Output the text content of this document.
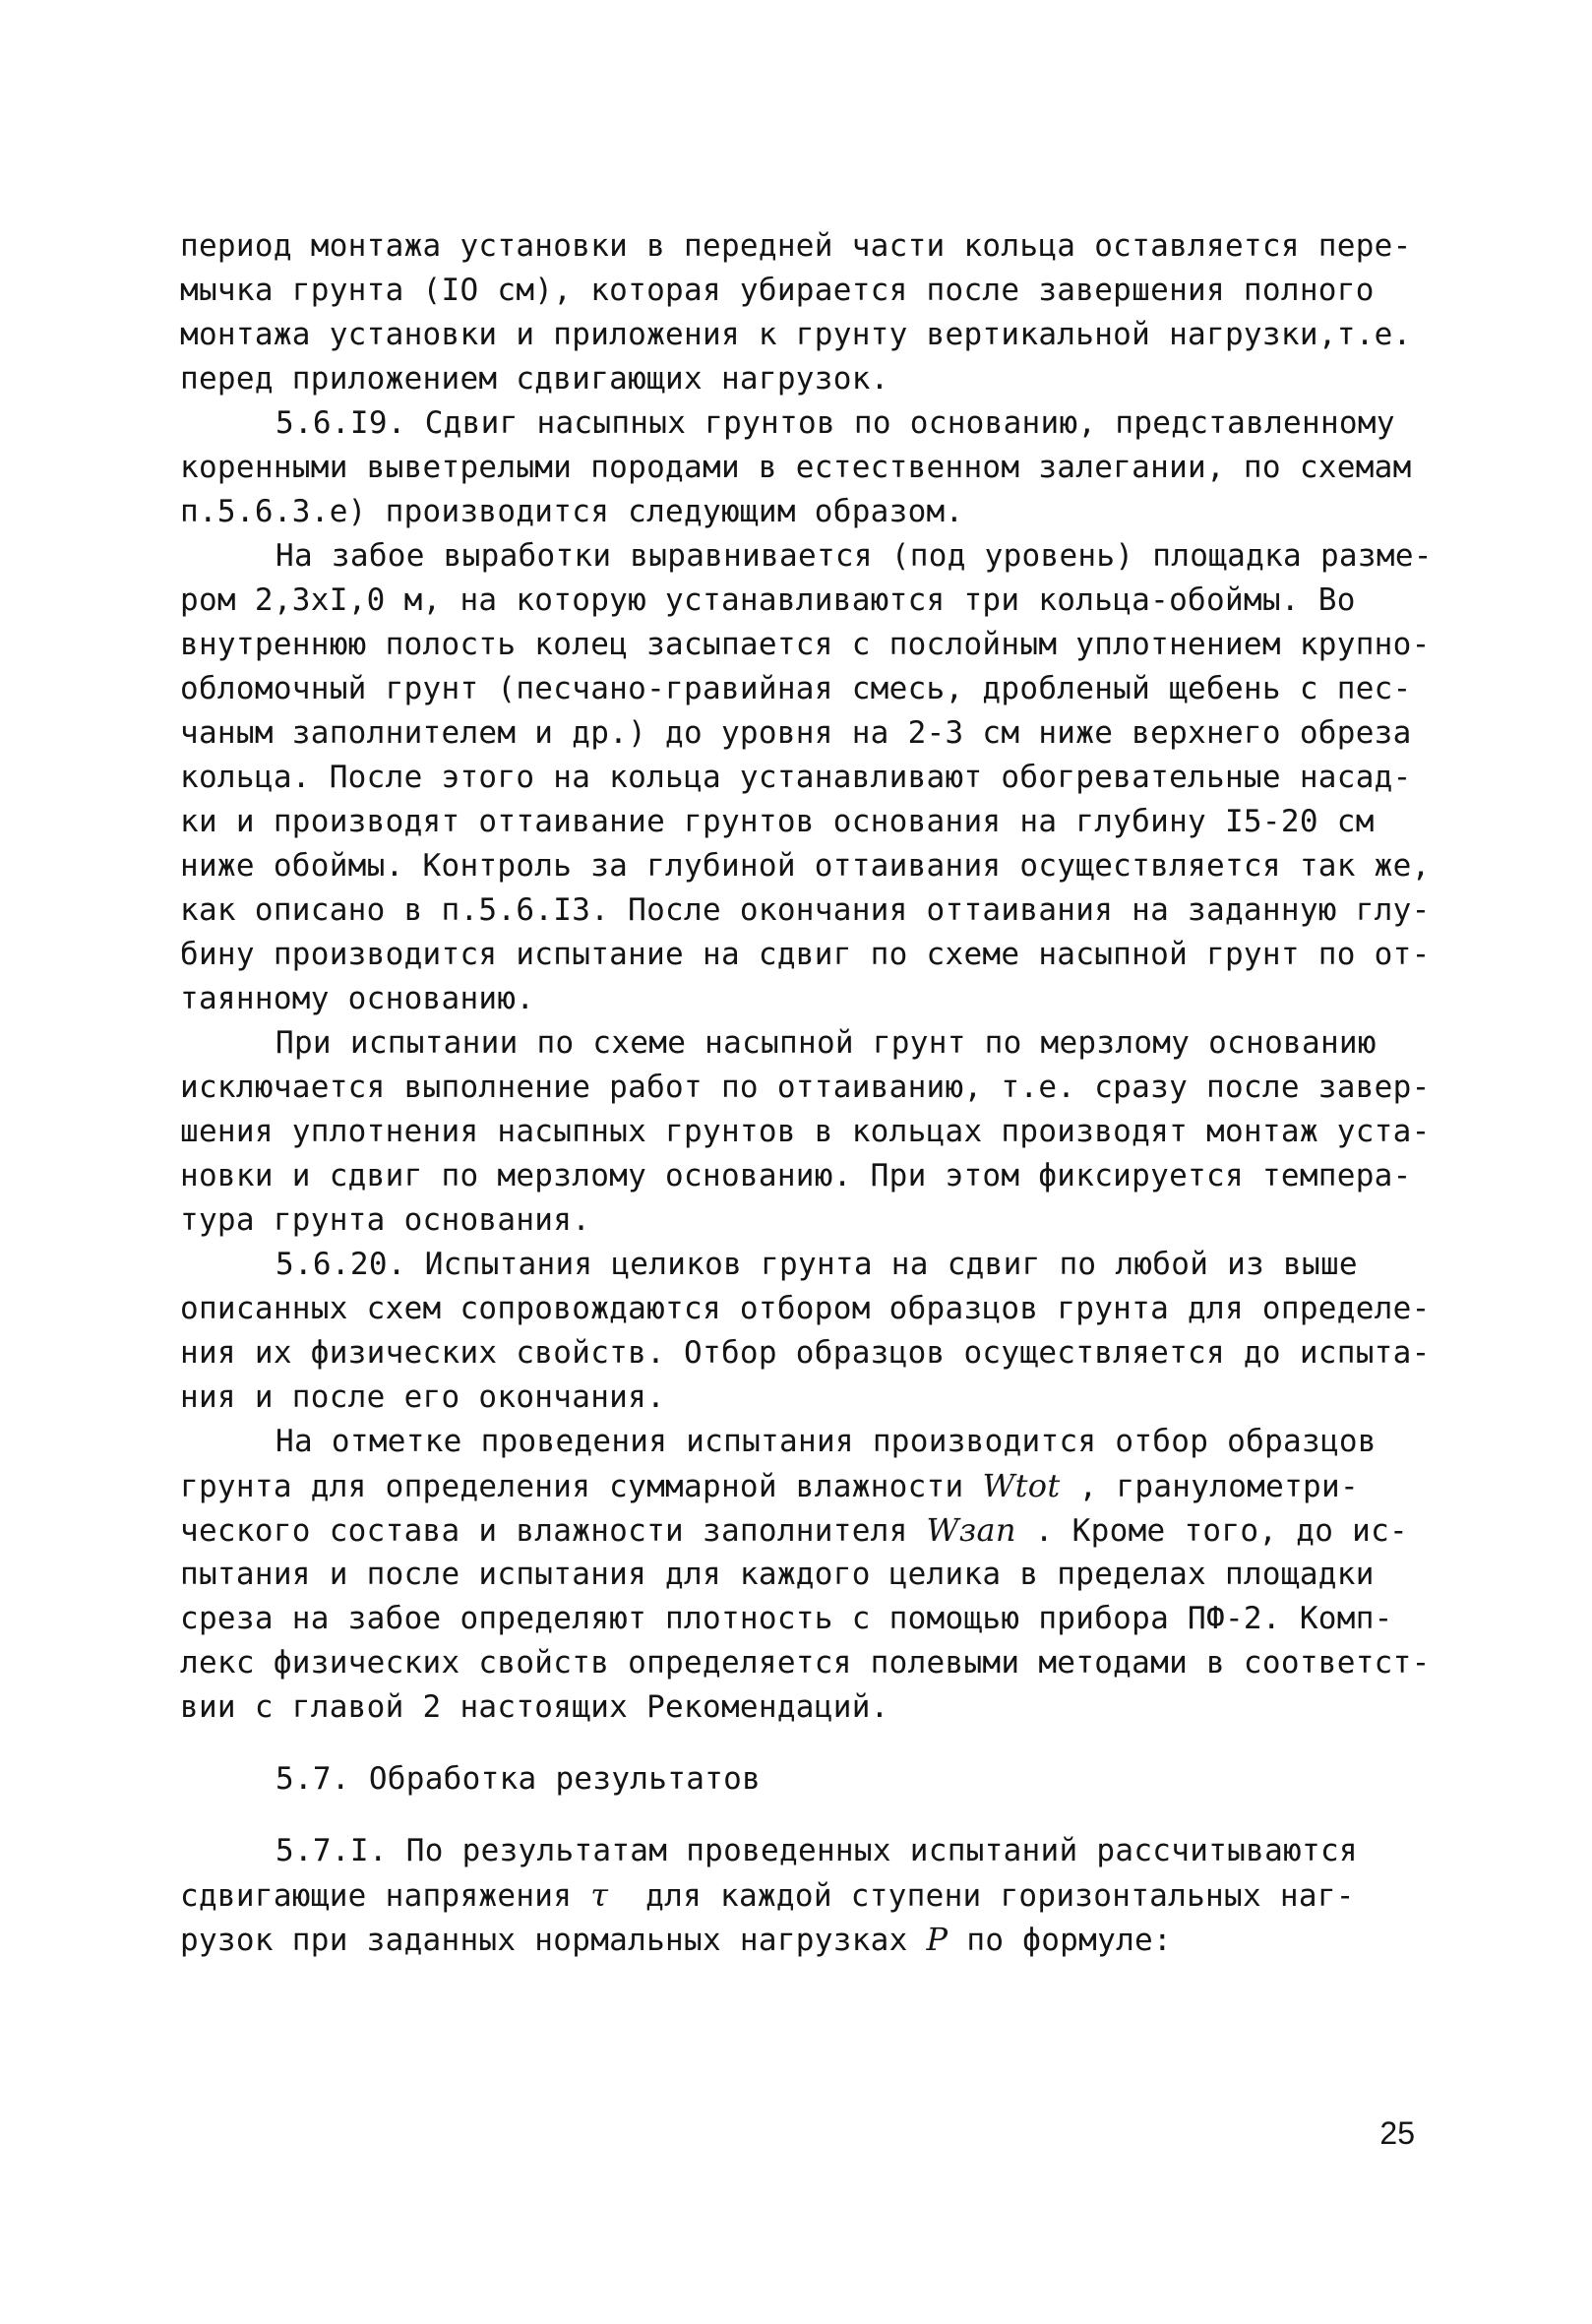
период монтажа установки в передней части кольца оставляется пере-
мычка грунта (IO см), которая убирается после завершения полного
монтажа установки и приложения к грунту вертикальной нагрузки,т.е.
перед приложением сдвигающих нагрузок.
5.6.I9. Сдвиг насыпных грунтов по основанию, представленному
коренными выветрелыми породами в естественном залегании, по схемам
п.5.6.3.е) производится следующим образом.
На забое выработки выравнивается (под уровень) площадка разме-
ром 2,3xI,0 м, на которую устанавливаются три кольца-обоймы. Во
внутреннюю полость колец засыпается с послойным уплотнением крупно-
обломочный грунт (песчано-гравийная смесь, дробленый щебень с пес-
чаным заполнителем и др.) до уровня на 2-3 см ниже верхнего обреза
кольца. После этого на кольца устанавливают обогревательные насад-
ки и производят оттаивание грунтов основания на глубину I5-20 см
ниже обоймы. Контроль за глубиной оттаивания осуществляется так же,
как описано в п.5.6.I3. После окончания оттаивания на заданную глу-
бину производится испытание на сдвиг по схеме насыпной грунт по от-
таянному основанию.
При испытании по схеме насыпной грунт по мерзлому основанию
исключается выполнение работ по оттаиванию, т.е. сразу после завер-
шения уплотнения насыпных грунтов в кольцах производят монтаж уста-
новки и сдвиг по мерзлому основанию. При этом фиксируется темпера-
тура грунта основания.
5.6.20. Испытания целиков грунта на сдвиг по любой из выше
описанных схем сопровождаются отбором образцов грунта для определе-
ния их физических свойств. Отбор образцов осуществляется до испыта-
ния и после его окончания.
На отметке проведения испытания производится отбор образцов
грунта для определения суммарной влажности Wtot , гранулометри-
ческого состава и влажности заполнителя Wзап . Кроме того, до ис-
пытания и после испытания для каждого целика в пределах площадки
среза на забое определяют плотность с помощью прибора ПФ-2. Комп-
лекс физических свойств определяется полевыми методами в соответст-
вии с главой 2 настоящих Рекомендаций.
5.7. Обработка результатов
5.7.I. По результатам проведенных испытаний рассчитываются
сдвигающие напряжения τ  для каждой ступени горизонтальных наг-
рузок при заданных нормальных нагрузках P по формуле:
25
